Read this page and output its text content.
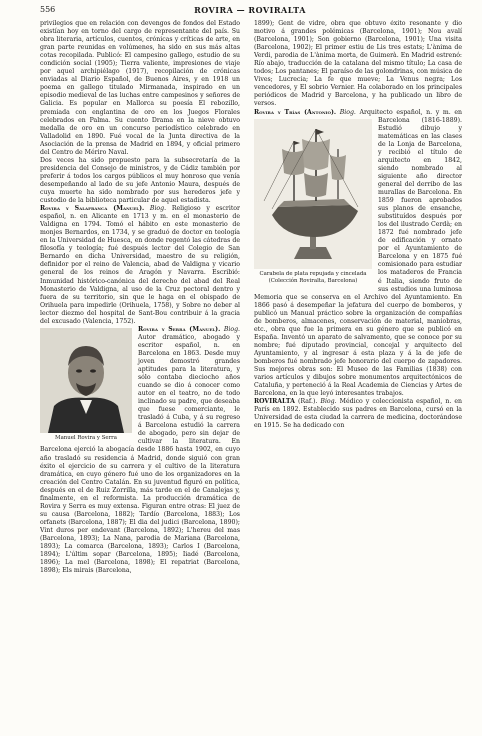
556	ROVIRA — ROVIRALTA

privilegios que en relación con devengos de fondos del Estado existían hoy en torno del cargo de representante del país. Su obra literaria, artículos, cuentos, crónicas y críticas de arte, en gran parte reunidas en volúmenes, ha sido en sus más altas cotas recopilada. Publicó: El campesino gallego, estudio de su condición social (1905); Tierra valiente, impresiones de viaje por aquel archipiélago (1917), recopilación de crónicas enviadas al Diario Español, de Buenos Aires, y en 1918 un poema en gallego titulado Mirmanada, inspirado en un episodio medieval de las luchas entre campesinos y señores de Galicia. Es popular en Mallorca su poesía El rebozillo, premiada con englantina de oro en los Juegos Florales celebrados en Palma. Su cuento Drama en la nieve obtuvo medalla de oro en un concurso periodístico celebrado en Valladolid en 1890. Fué vocal de la Junta directiva de la Asociación de la prensa de Madrid en 1894, y oficial primero del Centro de Mériro Naval.

Dos veces ha sido propuesto para la subsecretaría de la presidencia del Consejo de ministros, y de Cádiz también por preferir á todos los cargos públicos el muy honroso que venía desempeñando al lado de su jefe Antonio Maura, después de cuya muerte ha sido nombrado por sus herederos jefe y custodio de la biblioteca particular de aquel estadista.

Rovira y Salafranca (Manuel). Biog. Religioso y escritor español, n. en Alicante en 1713 y m. en el monasterio de Valdigna en 1794. Tomó el hábito en este monasterio de monjes Bernardos, en 1734, y se graduó de doctor en teología en la Universidad de Huesca, en donde regentó las cátedras de filosofía y teología; fué después lector del Colegio de San Bernardo en dicha Universidad, maestro de su religión, definidor por el reino de Valencia, abad de Valdigna y vicario general de los reinos de Aragón y Navarra. Escribió: Inmunidad histórico-canónica del derecho del abad del Real Monasterio de Valdigna, al uso de la Cruz pectoral dentro y fuera de su territorio, sin que le haga en el obispado de Orihuela para impedirle (Orihuela, 1758), y Sobre no deber al lector diezmo del hospital de Sant-Bou contribuir á la gracia del excusado (Valencia, 1752).

Rovira y Serra (Manuel). Biog.
Manuel Rovira y Serra
Autor dramático, abogado y escritor español, n. en Barcelona en 1863. Desde muy joven demostró grandes aptitudes para la literatura, y sólo contaba dieciocho años cuando se dio á conocer como autor en el teatro, no de todo inclinado su padre, que deseaba que fuese comerciante, le trasladó á Cuba, y á su regreso á Barcelona estudió la carrera de abogado, pero sin dejar de cultivar la literatura. En Barcelona ejerció la abogacía desde 1886 hasta 1902, en cuyo año trasladó su residencia á Madrid, donde siguió con gran éxito el ejercicio de su carrera y el cultivo de la literatura dramática, en cuyo género fué uno de los organizadores en la creación del Centro Catalán. En su juventud figuró en política, después en el de Ruiz Zorrilla, más tarde en el de Canalejas y, finalmente, en el reformista. La producción dramática de Rovira y Serra es muy extensa. Figuran entre otras: El juez de su causa (Barcelona, 1882); Tardío (Barcelona, 1883); Los orfanets (Barcelona, 1887); El dia del judici (Barcelona, 1890); Vint duros per endevant (Barcelona, 1892); L'hereu del mas (Barcelona, 1893); La Nana, parodia de Mariana (Barcelona, 1893); La comarca (Barcelona, 1893); Carlos I (Barcelona, 1894); L'últim sopar (Barcelona, 1895); Iiadé (Barcelona, 1896); La mel (Barcelona, 1898); El repatriat (Barcelona, 1898); Els mirais (Barcelona,

1899); Gent de vidre, obra que obtuvo éxito resonante y dio motivo á grandes polémicas (Barcelona, 1901); Nou avalí (Barcelona, 1901); Son gobierno (Barcelona, 1901); Una visita (Barcelona, 1902); El primer estiu de Lis tres estats; L'ànima de Verdi, parodia de L'ànima morta, de Guimerà. En Madrid estrenó: Río abajo, traducción de la catalana del mismo título; La casa de todos; Los pantanes; El paraíso de las golondrinas, con música de Vives; Lucrecia; La fe que mueve; La Venus negra; Los vencedores, y El sobrio Vernier. Ha colaborado en los principales periódicos de Madrid y Barcelona, y ha publicado un libro de versos.

Rovira y Trías (Antonio). Biog.
Carabela de plata repujada y cincelada
(Colección Roviralta, Barcelona)
Arquitecto español, n. y m. en Barcelona (1816-1889). Estudió dibujo y matemáticas en las clases de la Lonja de Barcelona, y recibió el título de arquitecto en 1842, siendo nombrado al siguiente año director general del derribo de las murallas de Barcelona. En 1859 fueron aprobados sus planos de ensanche, substituídos después por los del ilustrado Cerdà; en 1872 fué nombrado jefe de edificación y ornato por el Ayuntamiento de Barcelona y en 1875 fué comisionado para estudiar los mataderos de Francia é Italia, siendo fruto de sus estudios una luminosa Memoria que se conserva en el Archivo del Ayuntamiento. En 1866 pasó á desempeñar la jefatura del cuerpo de bomberos, y publicó un Manual práctico sobre la organización de compañías de bomberos, almacenes, conservación de material, maniobras, etc., obra que fue la primera en su género que se publicó en España. Inventó un aparato de salvamento, que se conoce por su nombre; fué diputado provincial, concejal y arquitecto del Ayuntamiento, y al ingresar á esta plaza y á la de jefe de bomberos fué nombrado jefe honorario del cuerpo de zapadores. Sus mejores obras son: El Museo de las Familias (1838) con varios artículos y dibujos sobre monumentos arquitectónicos de Cataluña, y perteneció á la Real Academia de Ciencias y Artes de Barcelona, en la que leyó interesantes trabajos.

ROVIRALTA (Raf.). Biog. Médico y coleccionista español, n. en París en 1892. Establecido sus padres en Barcelona, cursó en la Universidad de esta ciudad la carrera de medicina, doctorándose en 1915. Se ha dedicado con
